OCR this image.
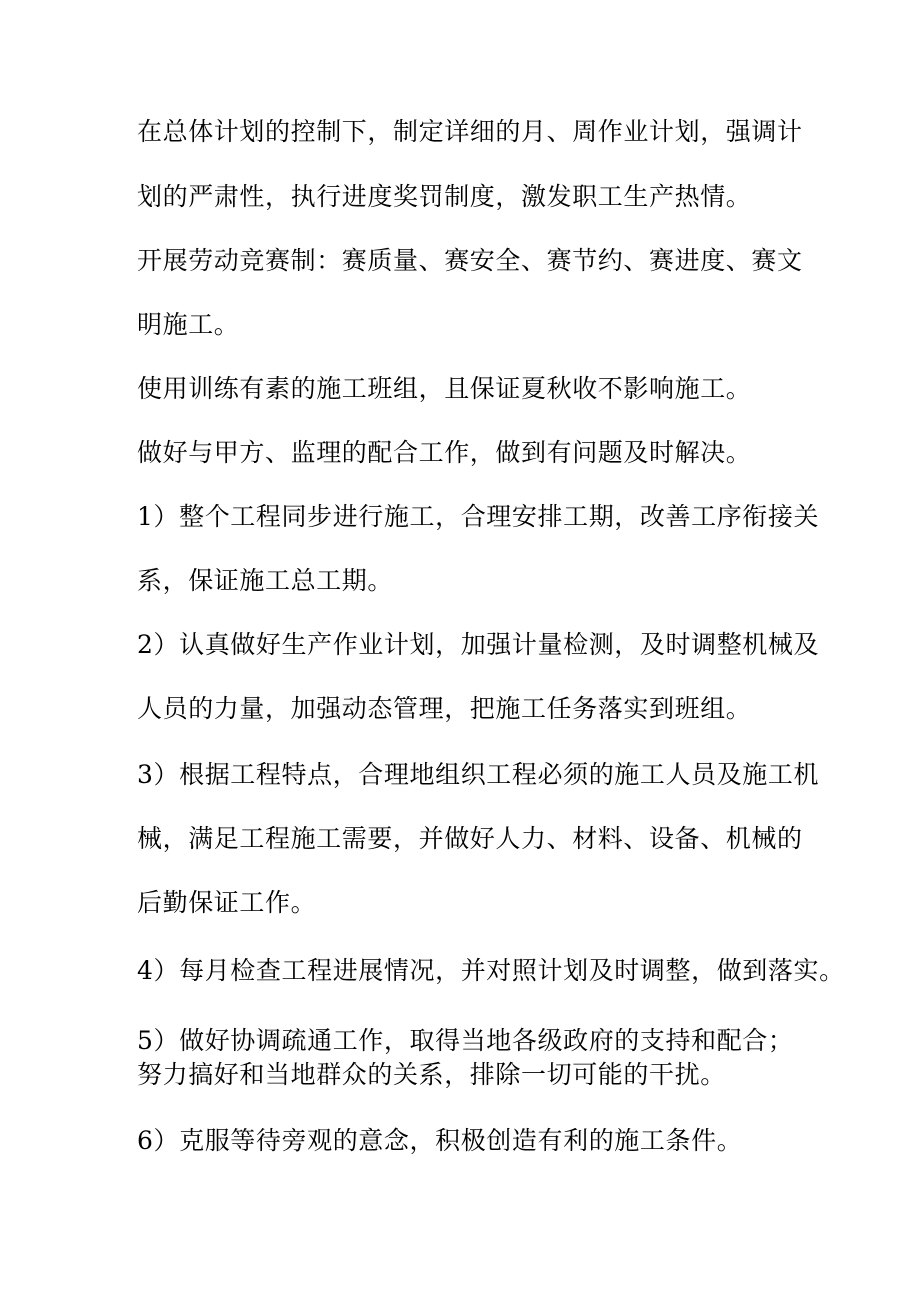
在总体计划的控制下，制定详细的月、周作业计划，强调计
划的严肃性，执行进度奖罚制度，激发职工生产热情。
开展劳动竞赛制：赛质量、赛安全、赛节约、赛进度、赛文
明施工。
使用训练有素的施工班组，且保证夏秋收不影响施工。
做好与甲方、监理的配合工作，做到有问题及时解决。
1）整个工程同步进行施工，合理安排工期，改善工序衔接关
系，保证施工总工期。
2）认真做好生产作业计划，加强计量检测，及时调整机械及
人员的力量，加强动态管理，把施工任务落实到班组。
3）根据工程特点，合理地组织工程必须的施工人员及施工机
械，满足工程施工需要，并做好人力、材料、设备、机械的
后勤保证工作。
4）每月检查工程进展情况，并对照计划及时调整，做到落实。
5）做好协调疏通工作，取得当地各级政府的支持和配合；
努力搞好和当地群众的关系，排除一切可能的干扰。
6）克服等待旁观的意念，积极创造有利的施工条件。
